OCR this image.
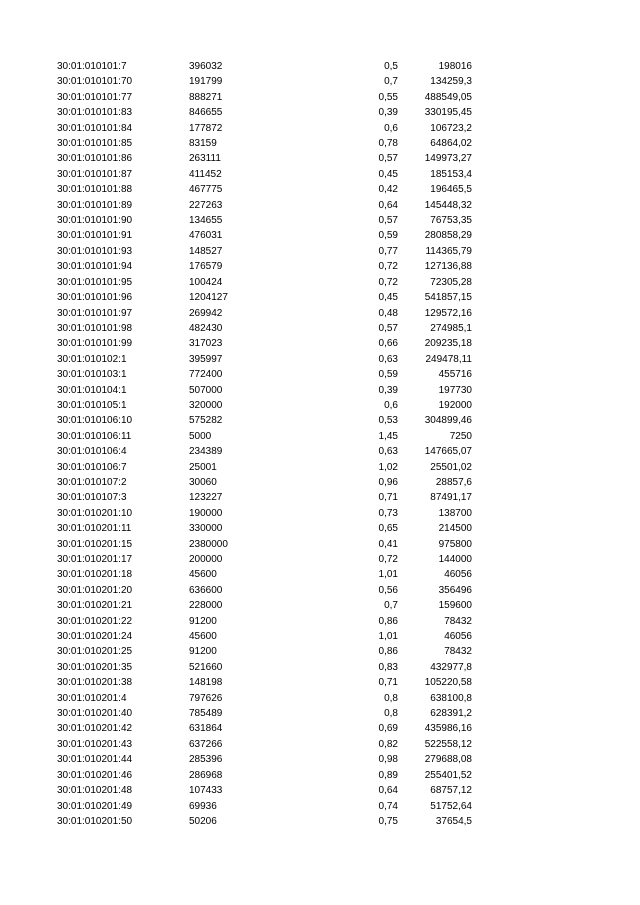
30:01:010101:7	396032	0,5	198016
30:01:010101:70	191799	0,7	134259,3
30:01:010101:77	888271	0,55	488549,05
30:01:010101:83	846655	0,39	330195,45
30:01:010101:84	177872	0,6	106723,2
30:01:010101:85	83159	0,78	64864,02
30:01:010101:86	263111	0,57	149973,27
30:01:010101:87	411452	0,45	185153,4
30:01:010101:88	467775	0,42	196465,5
30:01:010101:89	227263	0,64	145448,32
30:01:010101:90	134655	0,57	76753,35
30:01:010101:91	476031	0,59	280858,29
30:01:010101:93	148527	0,77	114365,79
30:01:010101:94	176579	0,72	127136,88
30:01:010101:95	100424	0,72	72305,28
30:01:010101:96	1204127	0,45	541857,15
30:01:010101:97	269942	0,48	129572,16
30:01:010101:98	482430	0,57	274985,1
30:01:010101:99	317023	0,66	209235,18
30:01:010102:1	395997	0,63	249478,11
30:01:010103:1	772400	0,59	455716
30:01:010104:1	507000	0,39	197730
30:01:010105:1	320000	0,6	192000
30:01:010106:10	575282	0,53	304899,46
30:01:010106:11	5000	1,45	7250
30:01:010106:4	234389	0,63	147665,07
30:01:010106:7	25001	1,02	25501,02
30:01:010107:2	30060	0,96	28857,6
30:01:010107:3	123227	0,71	87491,17
30:01:010201:10	190000	0,73	138700
30:01:010201:11	330000	0,65	214500
30:01:010201:15	2380000	0,41	975800
30:01:010201:17	200000	0,72	144000
30:01:010201:18	45600	1,01	46056
30:01:010201:20	636600	0,56	356496
30:01:010201:21	228000	0,7	159600
30:01:010201:22	91200	0,86	78432
30:01:010201:24	45600	1,01	46056
30:01:010201:25	91200	0,86	78432
30:01:010201:35	521660	0,83	432977,8
30:01:010201:38	148198	0,71	105220,58
30:01:010201:4	797626	0,8	638100,8
30:01:010201:40	785489	0,8	628391,2
30:01:010201:42	631864	0,69	435986,16
30:01:010201:43	637266	0,82	522558,12
30:01:010201:44	285396	0,98	279688,08
30:01:010201:46	286968	0,89	255401,52
30:01:010201:48	107433	0,64	68757,12
30:01:010201:49	69936	0,74	51752,64
30:01:010201:50	50206	0,75	37654,5
